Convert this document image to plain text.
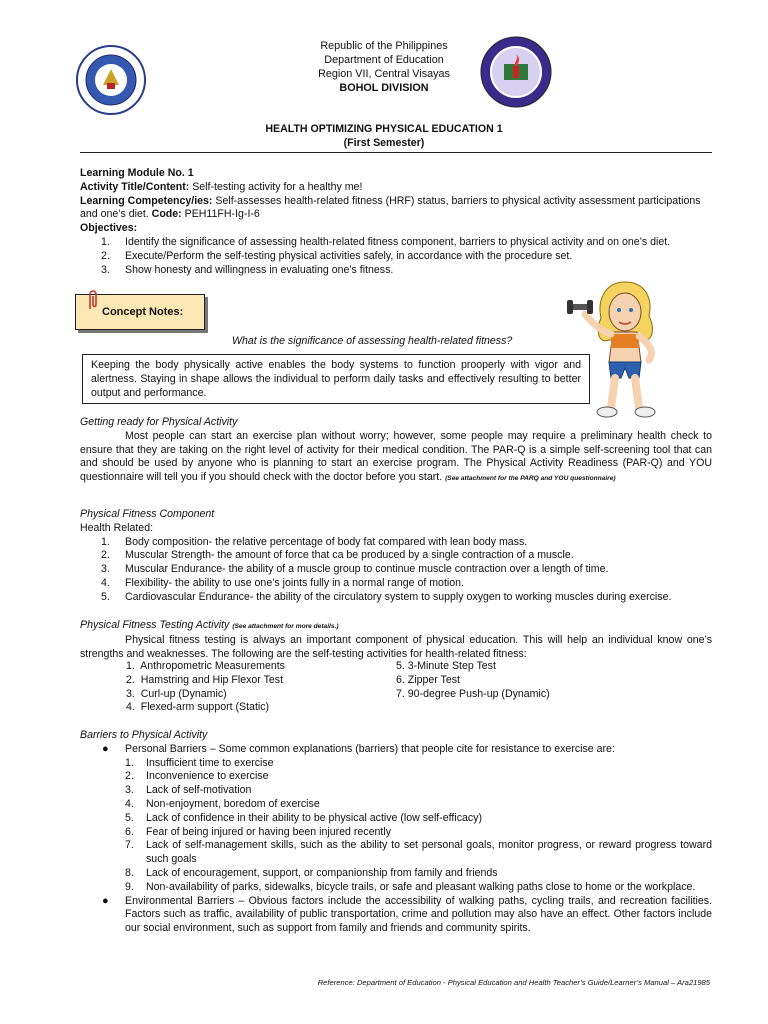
Republic of the Philippines
Department of Education
Region VII, Central Visayas
BOHOL DIVISION
HEALTH OPTIMIZING PHYSICAL EDUCATION 1
(First Semester)
Learning Module No. 1
Activity Title/Content: Self-testing activity for a healthy me!
Learning Competency/ies: Self-assesses health-related fitness (HRF) status, barriers to physical activity assessment participations and one’s diet. Code: PEH11FH-Ig-I-6
Objectives:
1. Identify the significance of assessing health-related fitness component, barriers to physical activity and on one’s diet.
2. Execute/Perform the self-testing physical activities safely, in accordance with the procedure set.
3. Show honesty and willingness in evaluating one’s fitness.
Concept Notes:
What is the significance of assessing health-related fitness?
Keeping the body physically active enables the body systems to function prooperly with vigor and alertness. Staying in shape allows the individual to perform daily tasks and effectively resulting to better output and performance.
Getting ready for Physical Activity
Most people can start an exercise plan without worry; however, some people may require a preliminary health check to ensure that they are taking on the right level of activity for their medical condition. The PAR-Q is a simple self-screening tool that can and should be used by anyone who is planning to start an exercise program. The Physical Activity Readiness (PAR-Q) and YOU questionnaire will tell you if you should check with the doctor before you start. (See attachment for the PARQ and YOU questionnaire)
Physical Fitness Component
Health Related:
1. Body composition- the relative percentage of body fat compared with lean body mass.
2. Muscular Strength- the amount of force that ca be produced by a single contraction of a muscle.
3. Muscular Endurance- the ability of a muscle group to continue muscle contraction over a length of time.
4. Flexibility- the ability to use one’s joints fully in a normal range of motion.
5. Cardiovascular Endurance- the ability of the circulatory system to supply oxygen to working muscles during exercise.
Physical Fitness Testing Activity (See attachment for more details.)
Physical fitness testing is always an important component of physical education. This will help an individual know one’s strengths and weaknesses. The following are the self-testing activities for health-related fitness:
1.  Anthropometric Measurements
2.  Hamstring and Hip Flexor Test
3.  Curl-up (Dynamic)
4.  Flexed-arm support (Static)
5. 3-Minute Step Test
6. Zipper Test
7. 90-degree Push-up (Dynamic)
Barriers to Physical Activity
● Personal Barriers – Some common explanations (barriers) that people cite for resistance to exercise are:
1.	Insufficient time to exercise
2.	Inconvenience to exercise
3.	Lack of self-motivation
4.	Non-enjoyment, boredom of exercise
5.	Lack of confidence in their ability to be physical active (low self-efficacy)
6.	Fear of being injured or having been injured recently
7.	Lack of self-management skills, such as the ability to set personal goals, monitor progress, or reward progress toward such goals
8.	Lack of encouragement, support, or companionship from family and friends
9.	Non-availability of parks, sidewalks, bicycle trails, or safe and pleasant walking paths close to home or the workplace.
● Environmental Barriers – Obvious factors include the accessibility of walking paths, cycling trails, and recreation facilities. Factors such as traffic, availability of public transportation, crime and pollution may also have an effect. Other factors include our social environment, such as support from family and friends and community spirits.
Reference: Department of Education - Physical Education and Health Teacher’s Guide/Learner’s Manual – Ara21985
